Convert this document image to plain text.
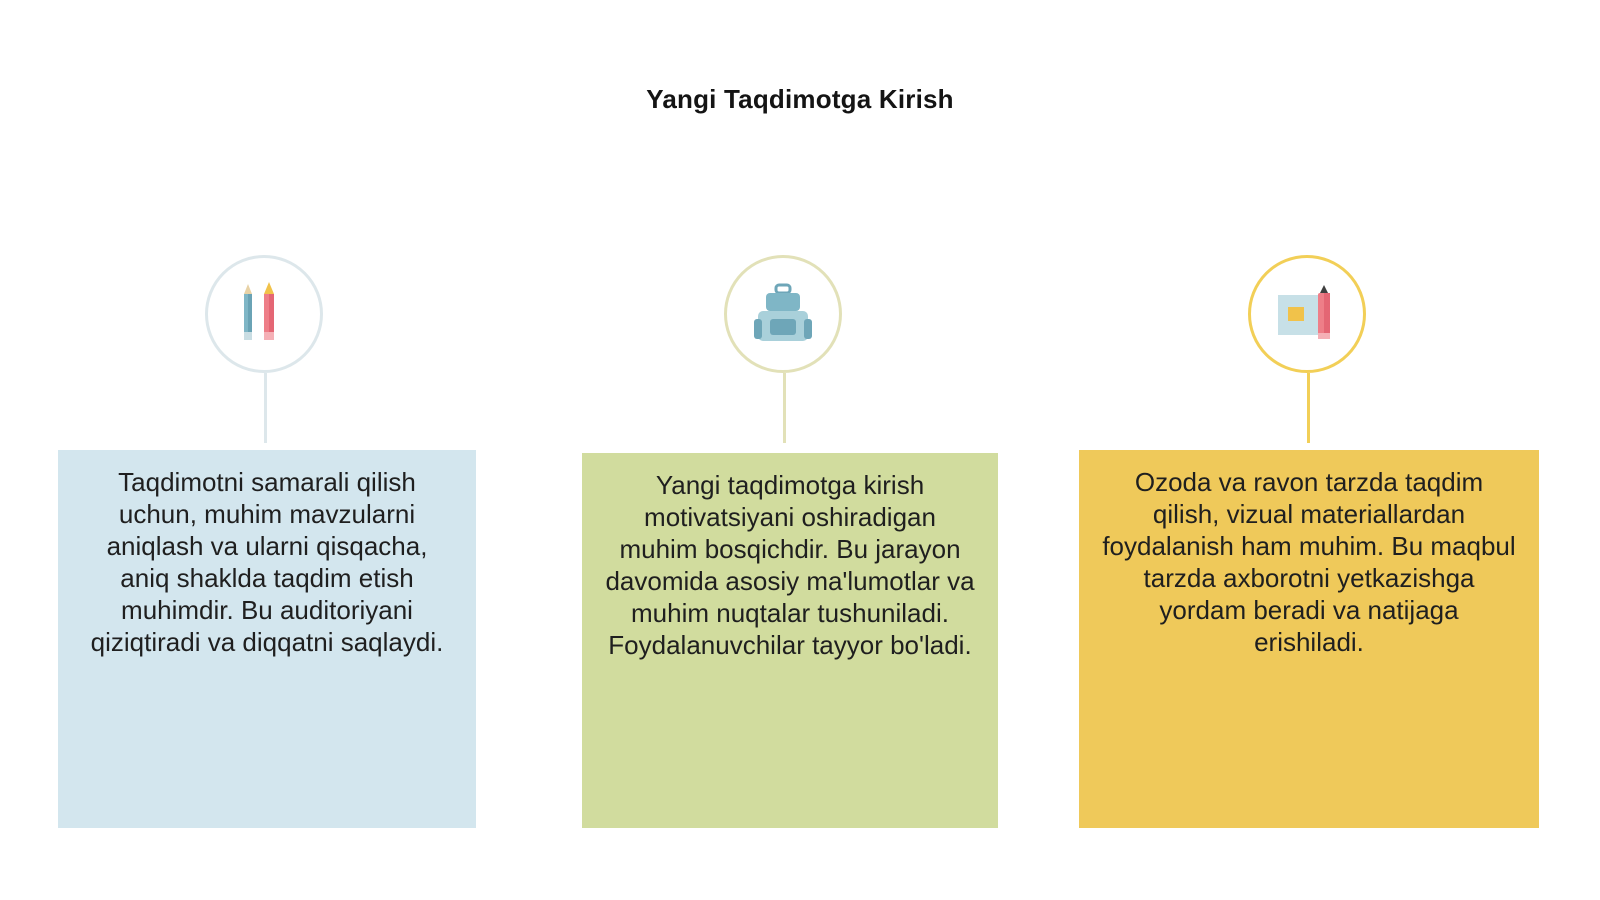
Yangi Taqdimotga Kirish
Taqdimotni samarali qilish uchun, muhim mavzularni aniqlash va ularni qisqacha, aniq shaklda taqdim etish muhimdir. Bu auditoriyani qiziqtiradi va diqqatni saqlaydi.
Yangi taqdimotga kirish motivatsiyani oshiradigan muhim bosqichdir. Bu jarayon davomida asosiy ma'lumotlar va muhim nuqtalar tushuniladi. Foydalanuvchilar tayyor bo'ladi.
Ozoda va ravon tarzda taqdim qilish, vizual materiallardan foydalanish ham muhim. Bu maqbul tarzda axborotni yetkazishga yordam beradi va natijaga erishiladi.
